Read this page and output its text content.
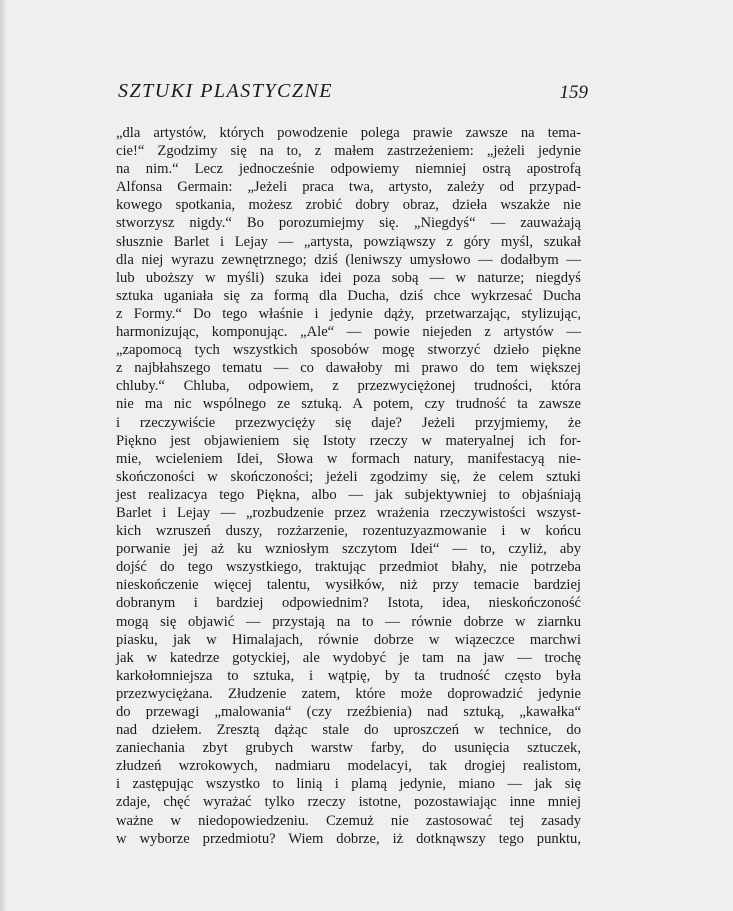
SZTUKI PLASTYCZNE	159
„dla artystów, których powodzenie polega prawie zawsze na tema-
cie!“ Zgodzimy się na to, z małem zastrzeżeniem: „jeżeli jedynie
na nim.“ Lecz jednocześnie odpowiemy niemniej ostrą apostrofą
Alfonsa Germain: „Jeżeli praca twa, artysto, zależy od przypad-
kowego spotkania, możesz zrobić dobry obraz, dzieła wszakże nie
stworzysz nigdy.“ Bo porozumiejmy się. „Niegdyś“ — zauważają
słusznie Barlet i Lejay — „artysta, powziąwszy z góry myśl, szukał
dla niej wyrazu zewnętrznego; dziś (leniwszy umysłowo — dodałbym —
lub uboższy w myśli) szuka idei poza sobą — w naturze; niegdyś
sztuka uganiała się za formą dla Ducha, dziś chce wykrzesać Ducha
z Formy.“ Do tego właśnie i jedynie dąży, przetwarzając, stylizując,
harmonizując, komponując. „Ale“ — powie niejeden z artystów —
„zapomocą tych wszystkich sposobów mogę stworzyć dzieło piękne
z najbłahszego tematu — co dawałoby mi prawo do tem większej
chluby.“ Chluba, odpowiem, z przezwyciężonej trudności, która
nie ma nic wspólnego ze sztuką. A potem, czy trudność ta zawsze
i rzeczywiście przezwycięży się daje? Jeżeli przyjmiemy, że
Piękno jest objawieniem się Istoty rzeczy w materyalnej ich for-
mie, wcieleniem Idei, Słowa w formach natury, manifestacyą nie-
skończoności w skończoności; jeżeli zgodzimy się, że celem sztuki
jest realizacya tego Piękna, albo — jak subjektywniej to objaśniają
Barlet i Lejay — „rozbudzenie przez wrażenia rzeczywistości wszyst-
kich wzruszeń duszy, rozżarzenie, rozentuzyazmowanie i w końcu
porwanie jej aż ku wzniosłym szczytom Idei“ — to, czyliż, aby
dojść do tego wszystkiego, traktując przedmiot błahy, nie potrzeba
nieskończenie więcej talentu, wysiłków, niż przy temacie bardziej
dobranym i bardziej odpowiednim? Istota, idea, nieskończoność
mogą się objawić — przystają na to — równie dobrze w ziarnku
piasku, jak w Himalajach, równie dobrze w wiązeczce marchwi
jak w katedrze gotyckiej, ale wydobyć je tam na jaw — trochę
karkołomniejsza to sztuka, i wątpię, by ta trudność często była
przezwyciężana. Złudzenie zatem, które może doprowadzić jedynie
do przewagi „malowania“ (czy rzeźbienia) nad sztuką, „kawałka“
nad dziełem. Zresztą dążąc stale do uproszczeń w technice, do
zaniechania zbyt grubych warstw farby, do usunięcia sztuczek,
złudzeń wzrokowych, nadmiaru modelacyi, tak drogiej realistom,
i zastępując wszystko to linią i plamą jedynie, miano — jak się
zdaje, chęć wyrażać tylko rzeczy istotne, pozostawiając inne mniej
ważne w niedopowiedzeniu. Czemuż nie zastosować tej zasady
w wyborze przedmiotu? Wiem dobrze, iż dotknąwszy tego punktu,
